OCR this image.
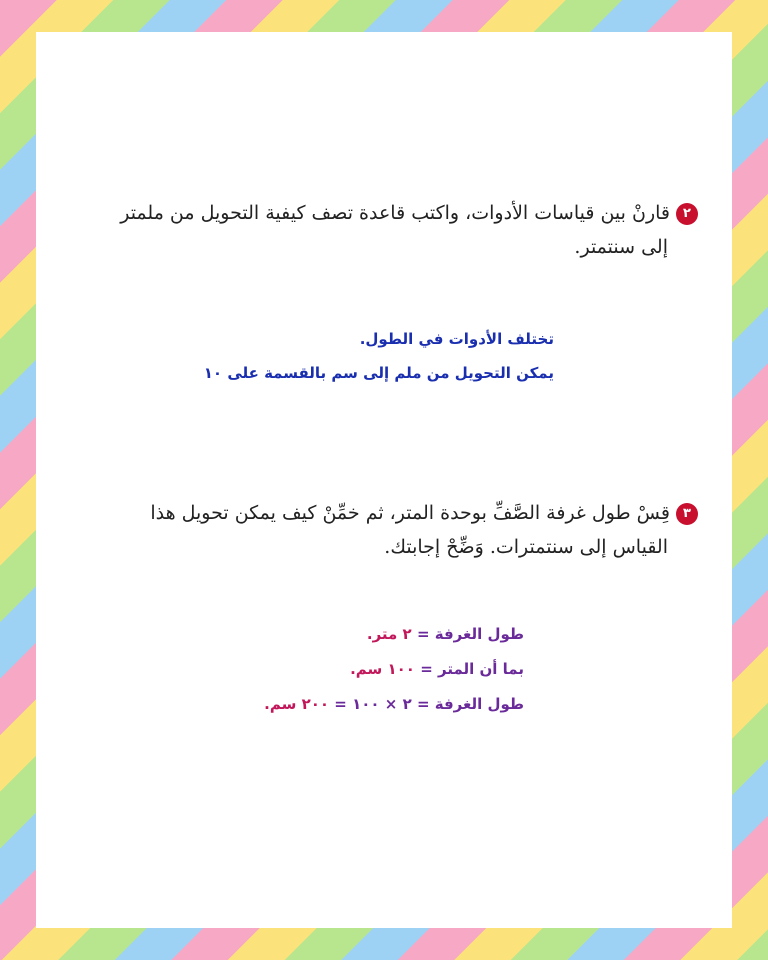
٢قارنْ بين قياسات الأدوات، واكتب قاعدة تصف كيفية التحويل من ملمتر
إلى سنتمتر.
تختلف الأدوات في الطول.
يمكن التحويل من ملم إلى سم بالقسمة على ١٠
٣قِسْ طول غرفة الصَّفِّ بوحدة المتر، ثم خمِّنْ كيف يمكن تحويل هذا
القياس إلى سنتمترات. وَضِّحْ إجابتك.
طول الغرفة = ٢ متر.
بما أن المتر = ١٠٠ سم.
طول الغرفة = ٢ × ١٠٠ = ٢٠٠ سم.
